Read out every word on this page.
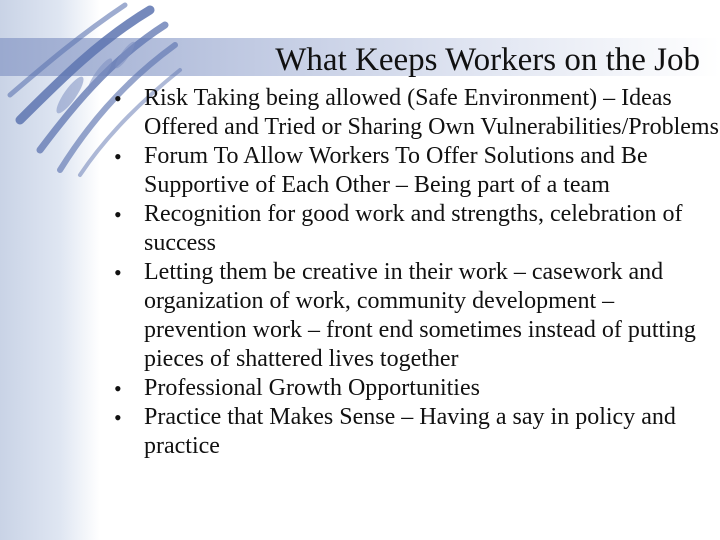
What Keeps Workers on the Job
• Risk Taking being allowed (Safe Environment) – Ideas Offered and Tried or Sharing Own Vulnerabilities/Problems
• Forum To Allow Workers To Offer Solutions and Be Supportive of Each Other – Being part of a team
• Recognition for good work and strengths, celebration of success
• Letting them be creative in their work – casework and organization of work, community development – prevention work – front end sometimes instead of putting pieces of shattered lives together
• Professional Growth Opportunities
• Practice that Makes Sense – Having a say in policy and practice
